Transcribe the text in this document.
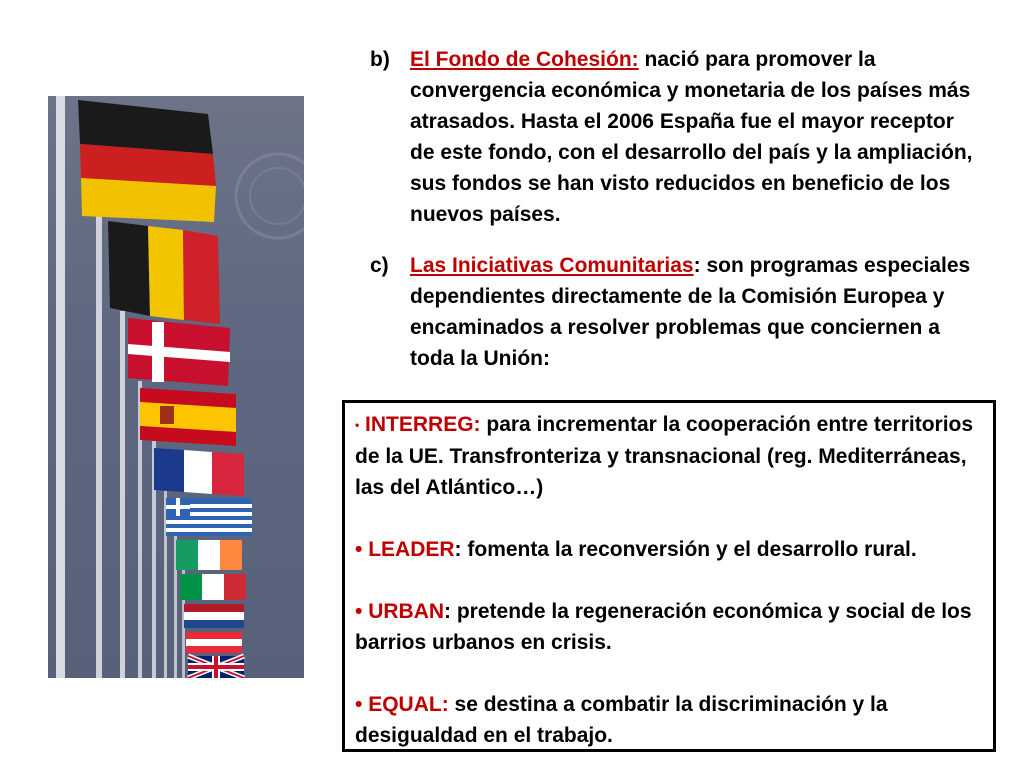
b) El Fondo de Cohesión: nació para promover la convergencia económica y monetaria de los países más atrasados. Hasta el 2006 España fue el mayor receptor de este fondo, con el desarrollo del país y la ampliación, sus fondos se han visto reducidos en beneficio de los nuevos países.
c)	Las Iniciativas Comunitarias: son programas especiales dependientes directamente de la Comisión Europea y encaminados a resolver problemas que conciernen a toda la Unión:
• INTERREG: para incrementar la cooperación entre territorios de la UE. Transfronteriza y transnacional (reg. Mediterráneas, las del Atlántico…)
• LEADER: fomenta la reconversión y el desarrollo rural.
• URBAN: pretende la regeneración económica y social de los barrios urbanos en crisis.
• EQUAL: se destina a combatir la discriminación y la desigualdad en el trabajo.
